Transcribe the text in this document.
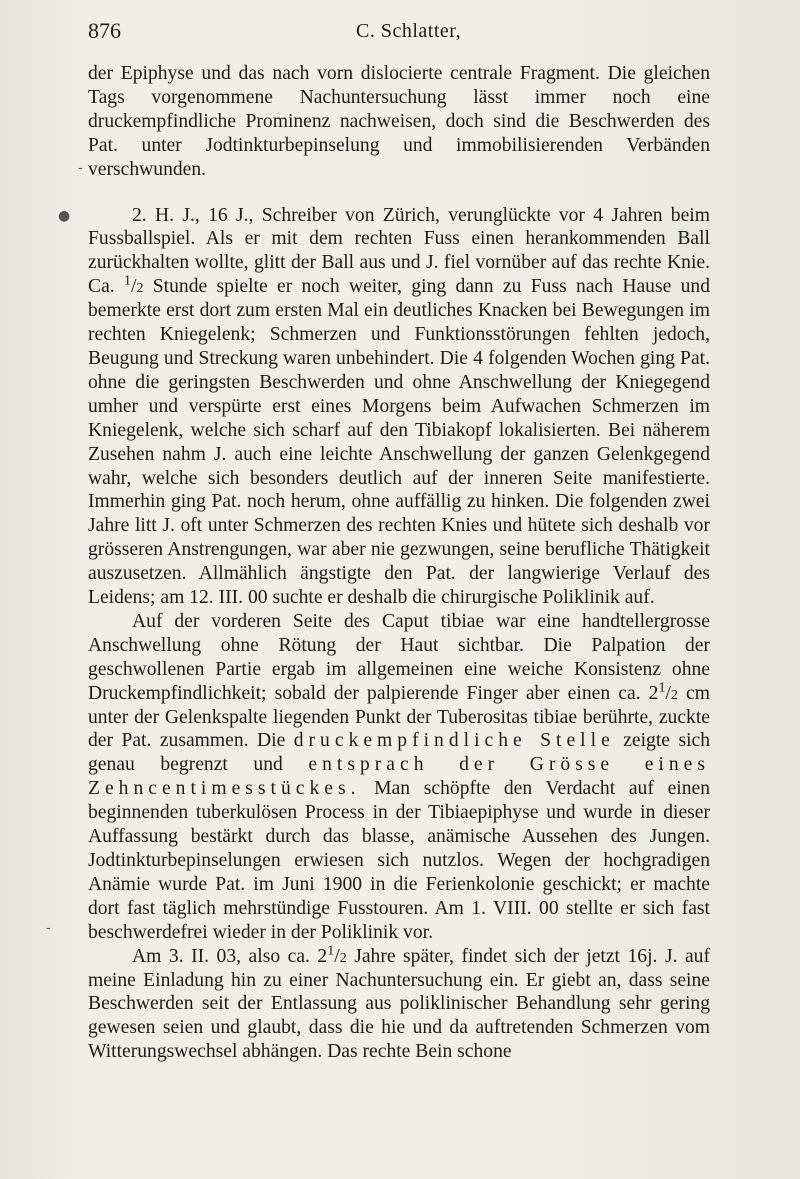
876	C. Schlatter,
‐
●
‐

der Epiphyse und das nach vorn dislocierte centrale Fragment. Die gleichen Tags vorgenommene Nachuntersuchung lässt immer noch eine druckempfindliche Prominenz nachweisen, doch sind die Beschwerden des Pat. unter Jodtinkturbepinselung und immobilisierenden Verbänden verschwunden.

2. H. J., 16 J., Schreiber von Zürich, verunglückte vor 4 Jahren beim Fussballspiel. Als er mit dem rechten Fuss einen herankommenden Ball zurückhalten wollte, glitt der Ball aus und J. fiel vornüber auf das rechte Knie. Ca. $^1$/2 Stunde spielte er noch weiter, ging dann zu Fuss nach Hause und bemerkte erst dort zum ersten Mal ein deutliches Knacken bei Bewegungen im rechten Kniegelenk; Schmerzen und Funktionsstörungen fehlten jedoch, Beugung und Streckung waren unbehindert. Die 4 folgenden Wochen ging Pat. ohne die geringsten Beschwerden und ohne Anschwellung der Kniegegend umher und verspürte erst eines Morgens beim Aufwachen Schmerzen im Kniegelenk, welche sich scharf auf den Tibiakopf lokalisierten. Bei näherem Zusehen nahm J. auch eine leichte Anschwellung der ganzen Gelenkgegend wahr, welche sich besonders deutlich auf der inneren Seite manifestierte. Immerhin ging Pat. noch herum, ohne auffällig zu hinken. Die folgenden zwei Jahre litt J. oft unter Schmerzen des rechten Knies und hütete sich deshalb vor grösseren Anstrengungen, war aber nie gezwungen, seine berufliche Thätigkeit auszusetzen. Allmählich ängstigte den Pat. der langwierige Verlauf des Leidens; am 12. III. 00 suchte er deshalb die chirurgische Poliklinik auf.

Auf der vorderen Seite des Caput tibiae war eine handtellergrosse Anschwellung ohne Rötung der Haut sichtbar. Die Palpation der geschwollenen Partie ergab im allgemeinen eine weiche Konsistenz ohne Druckempfindlichkeit; sobald der palpierende Finger aber einen ca. $2^1/2$ cm unter der Gelenkspalte liegenden Punkt der Tuberositas tibiae berührte, zuckte der Pat. zusammen. Die druckempfindliche Stelle zeigte sich genau begrenzt und entsprach der Grösse eines Zehncentimesstückes. Man schöpfte den Verdacht auf einen beginnenden tuberkulösen Process in der Tibiaepiphyse und wurde in dieser Auffassung bestärkt durch das blasse, anämische Aussehen des Jungen. Jodtinkturbepinselungen erwiesen sich nutzlos. Wegen der hochgradigen Anämie wurde Pat. im Juni 1900 in die Ferienkolonie geschickt; er machte dort fast täglich mehrstündige Fusstouren. Am 1. VIII. 00 stellte er sich fast beschwerdefrei wieder in der Poliklinik vor.

Am 3. II. 03, also ca. $2^1/2$ Jahre später, findet sich der jetzt 16j. J. auf meine Einladung hin zu einer Nachuntersuchung ein. Er giebt an, dass seine Beschwerden seit der Entlassung aus poliklinischer Behandlung sehr gering gewesen seien und glaubt, dass die hie und da auftretenden Schmerzen vom Witterungswechsel abhängen. Das rechte Bein schone
